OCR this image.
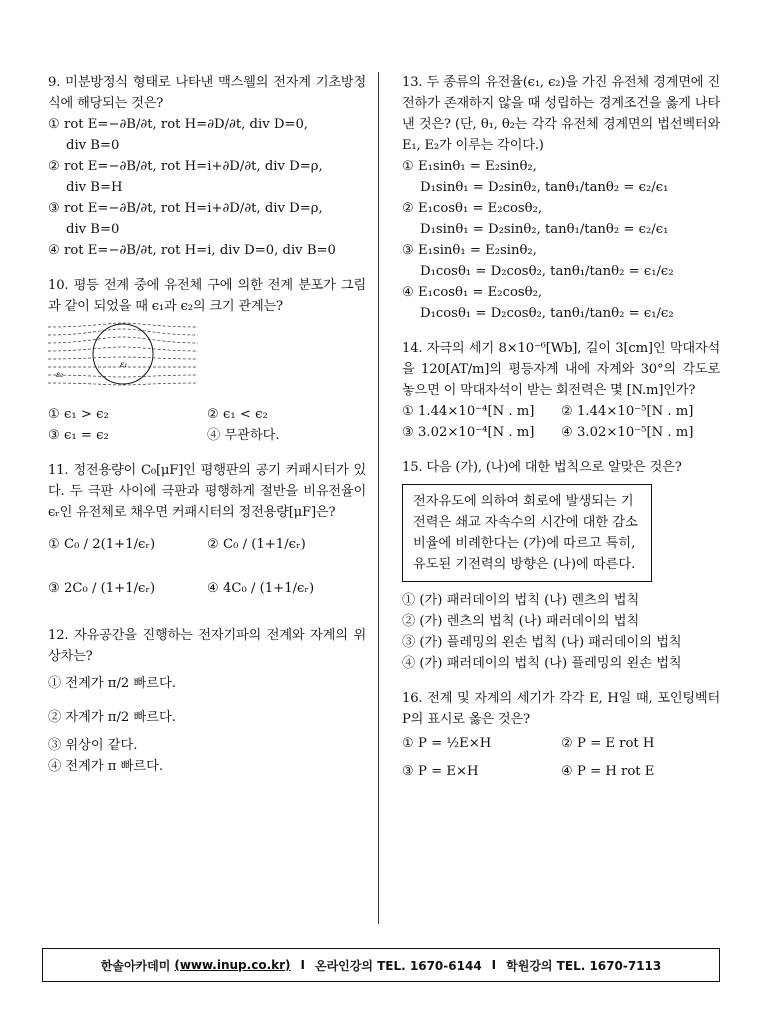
9. 미분방정식 형태로 나타낸 맥스웰의 전자계 기초방정식에 해당되는 것은?
① rot E=−∂B/∂t, rot H=∂D/∂t, div D=0,
div B=0
② rot E=−∂B/∂t, rot H=i+∂D/∂t, div D=ρ,
div B=H
③ rot E=−∂B/∂t, rot H=i+∂D/∂t, div D=ρ,
div B=0
④ rot E=−∂B/∂t, rot H=i, div D=0, div B=0
10. 평등 전계 중에 유전체 구에 의한 전계 분포가 그림과 같이 되었을 때 ϵ₁과 ϵ₂의 크기 관계는?
ε₁
ε₂
① ϵ₁ > ϵ₂	② ϵ₁ < ϵ₂
③ ϵ₁ = ϵ₂	④ 무관하다.
11. 정전용량이 C₀[μF]인 평행판의 공기 커패시터가 있다. 두 극판 사이에 극판과 평행하게 절반을 비유전율이 ϵᵣ인 유전체로 채우면 커패시터의 정전용량[μF]은?
① C₀ / 2(1+1/ϵᵣ)	② C₀ / (1+1/ϵᵣ)
③ 2C₀ / (1+1/ϵᵣ)	④ 4C₀ / (1+1/ϵᵣ)
12. 자유공간을 진행하는 전자기파의 전계와 자계의 위상차는?
① 전계가 π/2 빠르다.
② 자계가 π/2 빠르다.
③ 위상이 같다.
④ 전계가 π 빠르다.
13. 두 종류의 유전율(ϵ₁, ϵ₂)을 가진 유전체 경계면에 진전하가 존재하지 않을 때 성립하는 경계조건을 옳게 나타낸 것은? (단, θ₁, θ₂는 각각 유전체 경계면의 법선벡터와 E₁, E₂가 이루는 각이다.)
① E₁sinθ₁ = E₂sinθ₂,
D₁sinθ₁ = D₂sinθ₂, tanθ₁/tanθ₂ = ϵ₂/ϵ₁
② E₁cosθ₁ = E₂cosθ₂,
D₁sinθ₁ = D₂sinθ₂, tanθ₁/tanθ₂ = ϵ₂/ϵ₁
③ E₁sinθ₁ = E₂sinθ₂,
D₁cosθ₁ = D₂cosθ₂, tanθ₁/tanθ₂ = ϵ₁/ϵ₂
④ E₁cosθ₁ = E₂cosθ₂,
D₁cosθ₁ = D₂cosθ₂, tanθ₁/tanθ₂ = ϵ₁/ϵ₂
14. 자극의 세기 8×10⁻⁶[Wb], 길이 3[cm]인 막대자석을 120[AT/m]의 평등자계 내에 자계와 30°의 각도로 놓으면 이 막대자석이 받는 회전력은 몇 [N.m]인가?
① 1.44×10⁻⁴[N . m]	② 1.44×10⁻⁵[N . m]
③ 3.02×10⁻⁴[N . m]	④ 3.02×10⁻⁵[N . m]
15. 다음 (가), (나)에 대한 법칙으로 알맞은 것은?
전자유도에 의하여 회로에 발생되는 기전력은 쇄교 자속수의 시간에 대한 감소비율에 비례한다는 (가)에 따르고 특히, 유도된 기전력의 방향은 (나)에 따른다.
① (가) 패러데이의 법칙 (나) 렌츠의 법칙
② (가) 렌츠의 법칙 (나) 패러데이의 법칙
③ (가) 플레밍의 왼손 법칙 (나) 패러데이의 법칙
④ (가) 패러데이의 법칙 (나) 플레밍의 왼손 법칙
16. 전계 및 자계의 세기가 각각 E, H일 때, 포인팅벡터 P의 표시로 옳은 것은?
① P = ½E×H	② P = E rot H
③ P = E×H	④ P = H rot E
한솔아카데미 (www.inup.co.kr) I 온라인강의 TEL. 1670-6144 I 학원강의 TEL. 1670-7113
